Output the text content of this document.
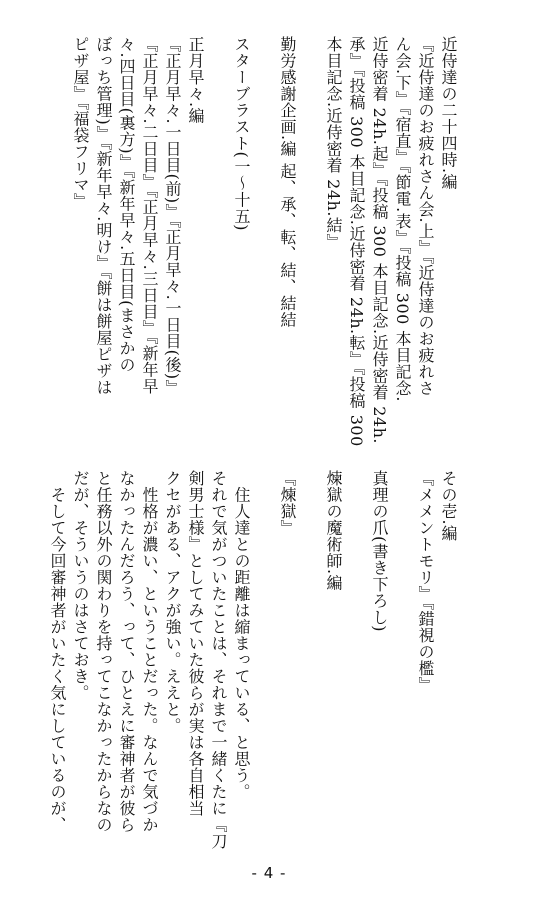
近侍達の二十四時.編
『近侍達のお疲れさん会.上』『近侍達のお疲れさ
ん会.下』『宿直』『節電.表』『投稿 300 本目記念.
近侍密着 24h.起』『投稿 300 本目記念.近侍密着 24h.
承』『投稿 300 本目記念.近侍密着 24h.転』『投稿 300
本目記念.近侍密着 24h.結』

勤労感謝企画.編 起、承、転、結、結結

スターブラスト(一〜十五)

正月早々.編
『正月早々.一日目(前)』『正月早々.一日目(後)』
『正月早々.二日目』『正月早々.三日目』『新年早
々.四日目(裏方)』『新年早々.五日目(まさかの
ぼっち管理)』『新年早々.明け』『餅は餅屋ピザは
ピザ屋』『福袋フリマ』
その壱.編
『メメントモリ』『錯視の檻』

真理の爪(書き下ろし)

煉獄の魔術師.編

『煉獄』

　住人達との距離は縮まっている、と思う。
それで気がついたことは、それまで一緒くたに『刀
剣男士様』としてみていた彼らが実は各自相当
クセがある、アクが強い。ええと。
　性格が濃い、ということだった。なんで気づか
なかったんだろう、って、ひとえに審神者が彼ら
と任務以外の関わりを持ってこなかったからなの
だが、そういうのはさておき。
　そして今回審神者がいたく気にしているのが、
- 4 -
